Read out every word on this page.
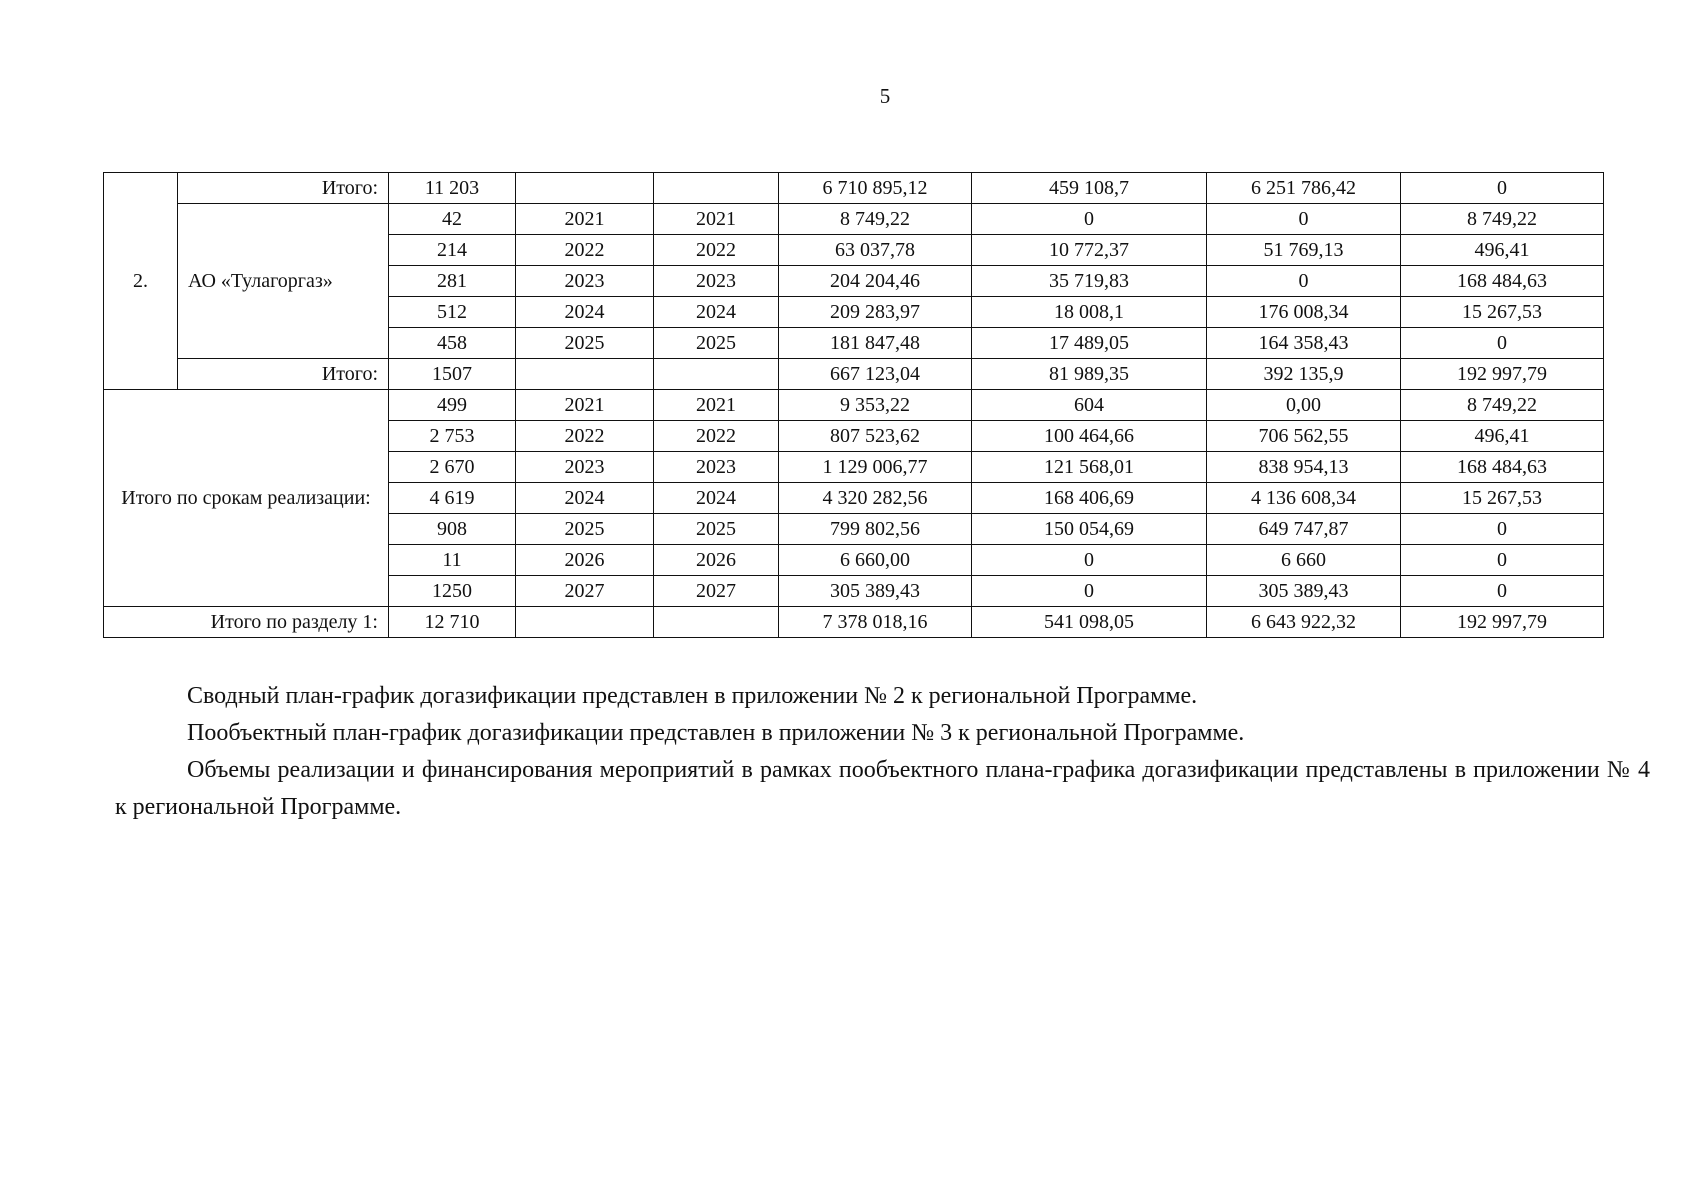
5
2.	Итого:	11 203			6 710 895,12	459 108,7	6 251 786,42	0
	АО «Тулагоргаз»	42	2021	2021	8 749,22	0	0	8 749,22
		214	2022	2022	63 037,78	10 772,37	51 769,13	496,41
		281	2023	2023	204 204,46	35 719,83	0	168 484,63
		512	2024	2024	209 283,97	18 008,1	176 008,34	15 267,53
		458	2025	2025	181 847,48	17 489,05	164 358,43	0
	Итого:	1507			667 123,04	81 989,35	392 135,9	192 997,79
Итого по срокам реализации:		499	2021	2021	9 353,22	604	0,00	8 749,22
		2 753	2022	2022	807 523,62	100 464,66	706 562,55	496,41
		2 670	2023	2023	1 129 006,77	121 568,01	838 954,13	168 484,63
		4 619	2024	2024	4 320 282,56	168 406,69	4 136 608,34	15 267,53
		908	2025	2025	799 802,56	150 054,69	649 747,87	0
		11	2026	2026	6 660,00	0	6 660	0
		1250	2027	2027	305 389,43	0	305 389,43	0
Итого по разделу 1:		12 710			7 378 018,16	541 098,05	6 643 922,32	192 997,79

Сводный план-график догазификации представлен в приложении № 2 к региональной Программе.

Пообъектный план-график догазификации представлен в приложении № 3 к региональной Программе.

Объемы реализации и финансирования мероприятий в рамках пообъектного плана-графика догазификации представлены в приложении № 4 к региональной Программе.
